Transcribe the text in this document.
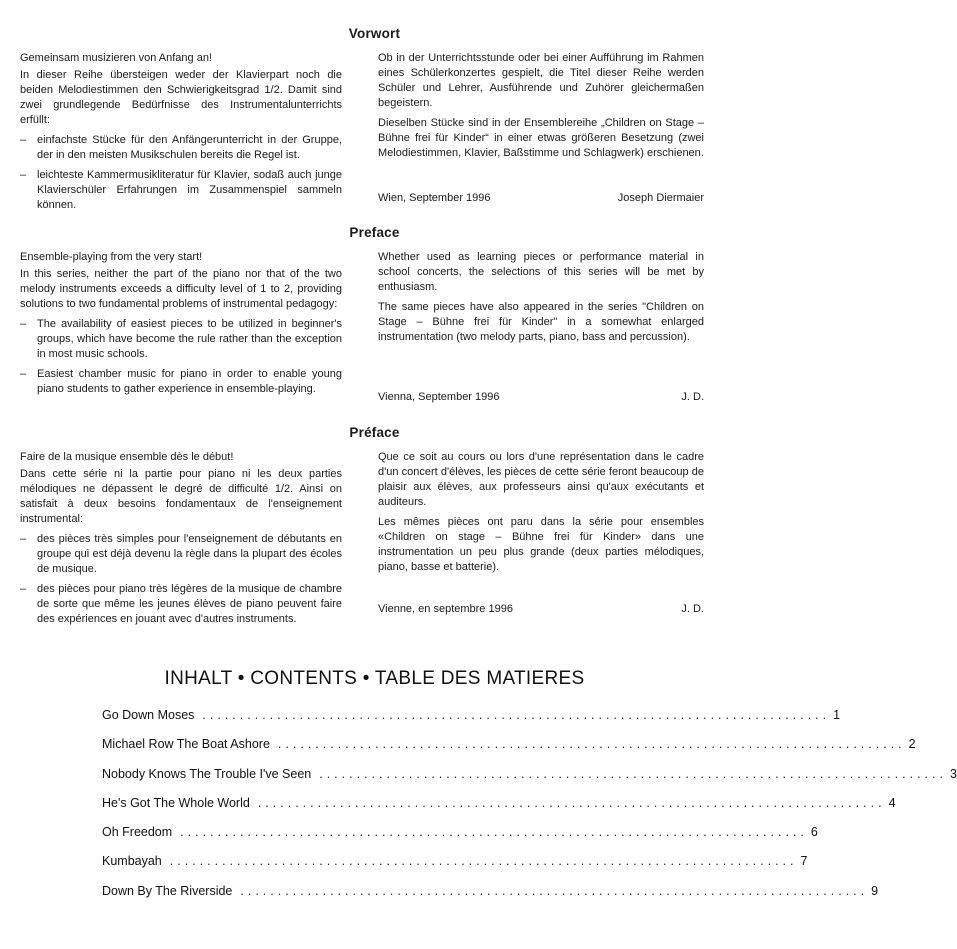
Vorwort

Gemeinsam musizieren von Anfang an!

In dieser Reihe übersteigen weder der Klavierpart noch die beiden Melodiestimmen den Schwierigkeitsgrad 1/2. Damit sind zwei grundlegende Bedürfnisse des Instrumentalunterrichts erfüllt:

– einfachste Stücke für den Anfängerunterricht in der Gruppe, der in den meisten Musikschulen bereits die Regel ist.
– leichteste Kammermusikliteratur für Klavier, sodaß auch junge Klavierschüler Erfahrungen im Zusammenspiel sammeln können.

Ob in der Unterrichtsstunde oder bei einer Aufführung im Rahmen eines Schülerkonzertes gespielt, die Titel dieser Reihe werden Schüler und Lehrer, Ausführende und Zuhörer gleichermaßen begeistern.

Dieselben Stücke sind in der Ensemblereihe „Children on Stage – Bühne frei für Kinder“ in einer etwas größeren Besetzung (zwei Melodiestimmen, Klavier, Baßstimme und Schlagwerk) erschienen.

Wien, September 1996	Joseph Diermaier
Preface

Ensemble-playing from the very start!

In this series, neither the part of the piano nor that of the two melody instruments exceeds a difficulty level of 1 to 2, providing solutions to two fundamental problems of instrumental pedagogy:

– The availability of easiest pieces to be utilized in beginner's groups, which have become the rule rather than the exception in most music schools.
– Easiest chamber music for piano in order to enable young piano students to gather experience in ensemble-playing.

Whether used as learning pieces or performance material in school concerts, the selections of this series will be met by enthusiasm.

The same pieces have also appeared in the series "Children on Stage – Bühne frei für Kinder" in a somewhat enlarged instrumentation (two melody parts, piano, bass and percussion).

Vienna, September 1996	J. D.
Préface

Faire de la musique ensemble dès le début!

Dans cette série ni la partie pour piano ni les deux parties mélodiques ne dépassent le degré de difficulté 1/2. Ainsi on satisfait à deux besoins fondamentaux de l'enseignement instrumental:

– des pièces très simples pour l'enseignement de débutants en groupe qui est déjà devenu la règle dans la plupart des écoles de musique.
– des pièces pour piano très légères de la musique de chambre de sorte que même les jeunes élèves de piano peuvent faire des expériences en jouant avec d'autres instruments.

Que ce soit au cours ou lors d'une représentation dans le cadre d'un concert d'élèves, les pièces de cette série feront beaucoup de plaisir aux élèves, aux professeurs ainsi qu'aux exécutants et auditeurs.

Les mêmes pièces ont paru dans la série pour ensembles «Children on stage – Bühne frei für Kinder» dans une instrumentation un peu plus grande (deux parties mélodiques, piano, basse et batterie).

Vienne, en septembre 1996	J. D.
INHALT • CONTENTS • TABLE DES MATIERES
Go Down Moses .................................................................................... 1
Michael Row The Boat Ashore .................................................................................... 2
Nobody Knows The Trouble I've Seen .................................................................................... 3
He's Got The Whole World .................................................................................... 4
Oh Freedom .................................................................................... 6
Kumbayah .................................................................................... 7
Down By The Riverside .................................................................................... 9
